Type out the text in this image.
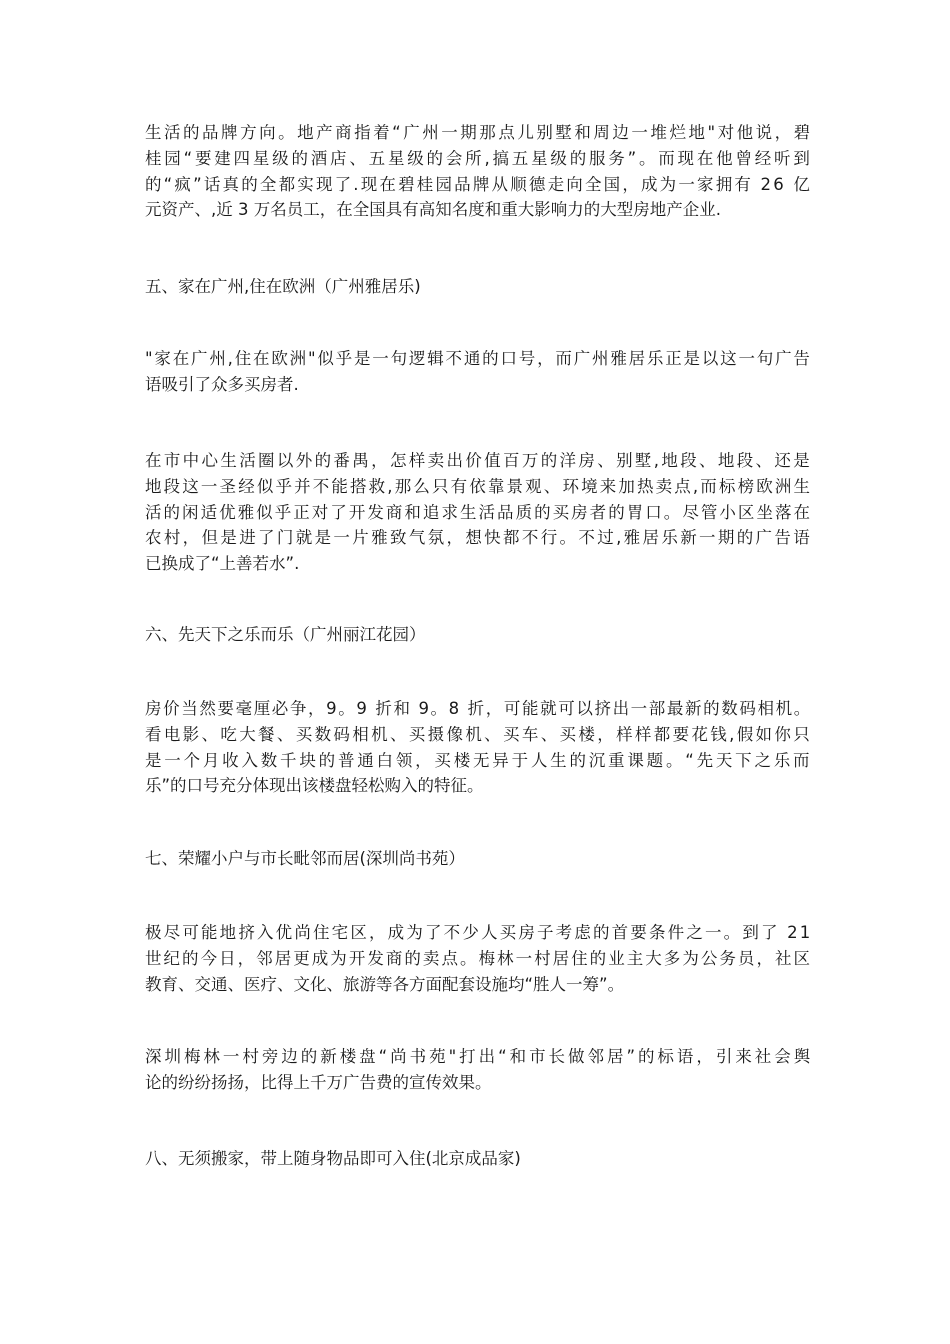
生活的品牌方向。地产商指着“广州一期那点儿别墅和周边一堆烂地"对他说，碧
桂园“要建四星级的酒店、五星级的会所,搞五星级的服务”。而现在他曾经听到
的“疯”话真的全都实现了.现在碧桂园品牌从顺德走向全国，成为一家拥有 26 亿
元资产、,近 3 万名员工，在全国具有高知名度和重大影响力的大型房地产企业.
五、家在广州,住在欧洲（广州雅居乐)
"家在广州,住在欧洲"似乎是一句逻辑不通的口号，而广州雅居乐正是以这一句广告
语吸引了众多买房者.
在市中心生活圈以外的番禺，怎样卖出价值百万的洋房、别墅,地段、地段、还是
地段这一圣经似乎并不能搭救,那么只有依靠景观、环境来加热卖点,而标榜欧洲生
活的闲适优雅似乎正对了开发商和追求生活品质的买房者的胃口。尽管小区坐落在
农村，但是进了门就是一片雅致气氛，想快都不行。不过,雅居乐新一期的广告语
已换成了“上善若水”.
六、先天下之乐而乐（广州丽江花园）
房价当然要毫厘必争，9。9 折和 9。8 折，可能就可以挤出一部最新的数码相机。
看电影、吃大餐、买数码相机、买摄像机、买车、买楼，样样都要花钱,假如你只
是一个月收入数千块的普通白领，买楼无异于人生的沉重课题。“先天下之乐而
乐”的口号充分体现出该楼盘轻松购入的特征。
七、荣耀小户与市长毗邻而居(深圳尚书苑）
极尽可能地挤入优尚住宅区，成为了不少人买房子考虑的首要条件之一。到了 21
世纪的今日，邻居更成为开发商的卖点。梅林一村居住的业主大多为公务员，社区
教育、交通、医疗、文化、旅游等各方面配套设施均“胜人一筹”。
深圳梅林一村旁边的新楼盘“尚书苑"打出“和市长做邻居”的标语，引来社会舆
论的纷纷扬扬，比得上千万广告费的宣传效果。
八、无须搬家，带上随身物品即可入住(北京成品家)
